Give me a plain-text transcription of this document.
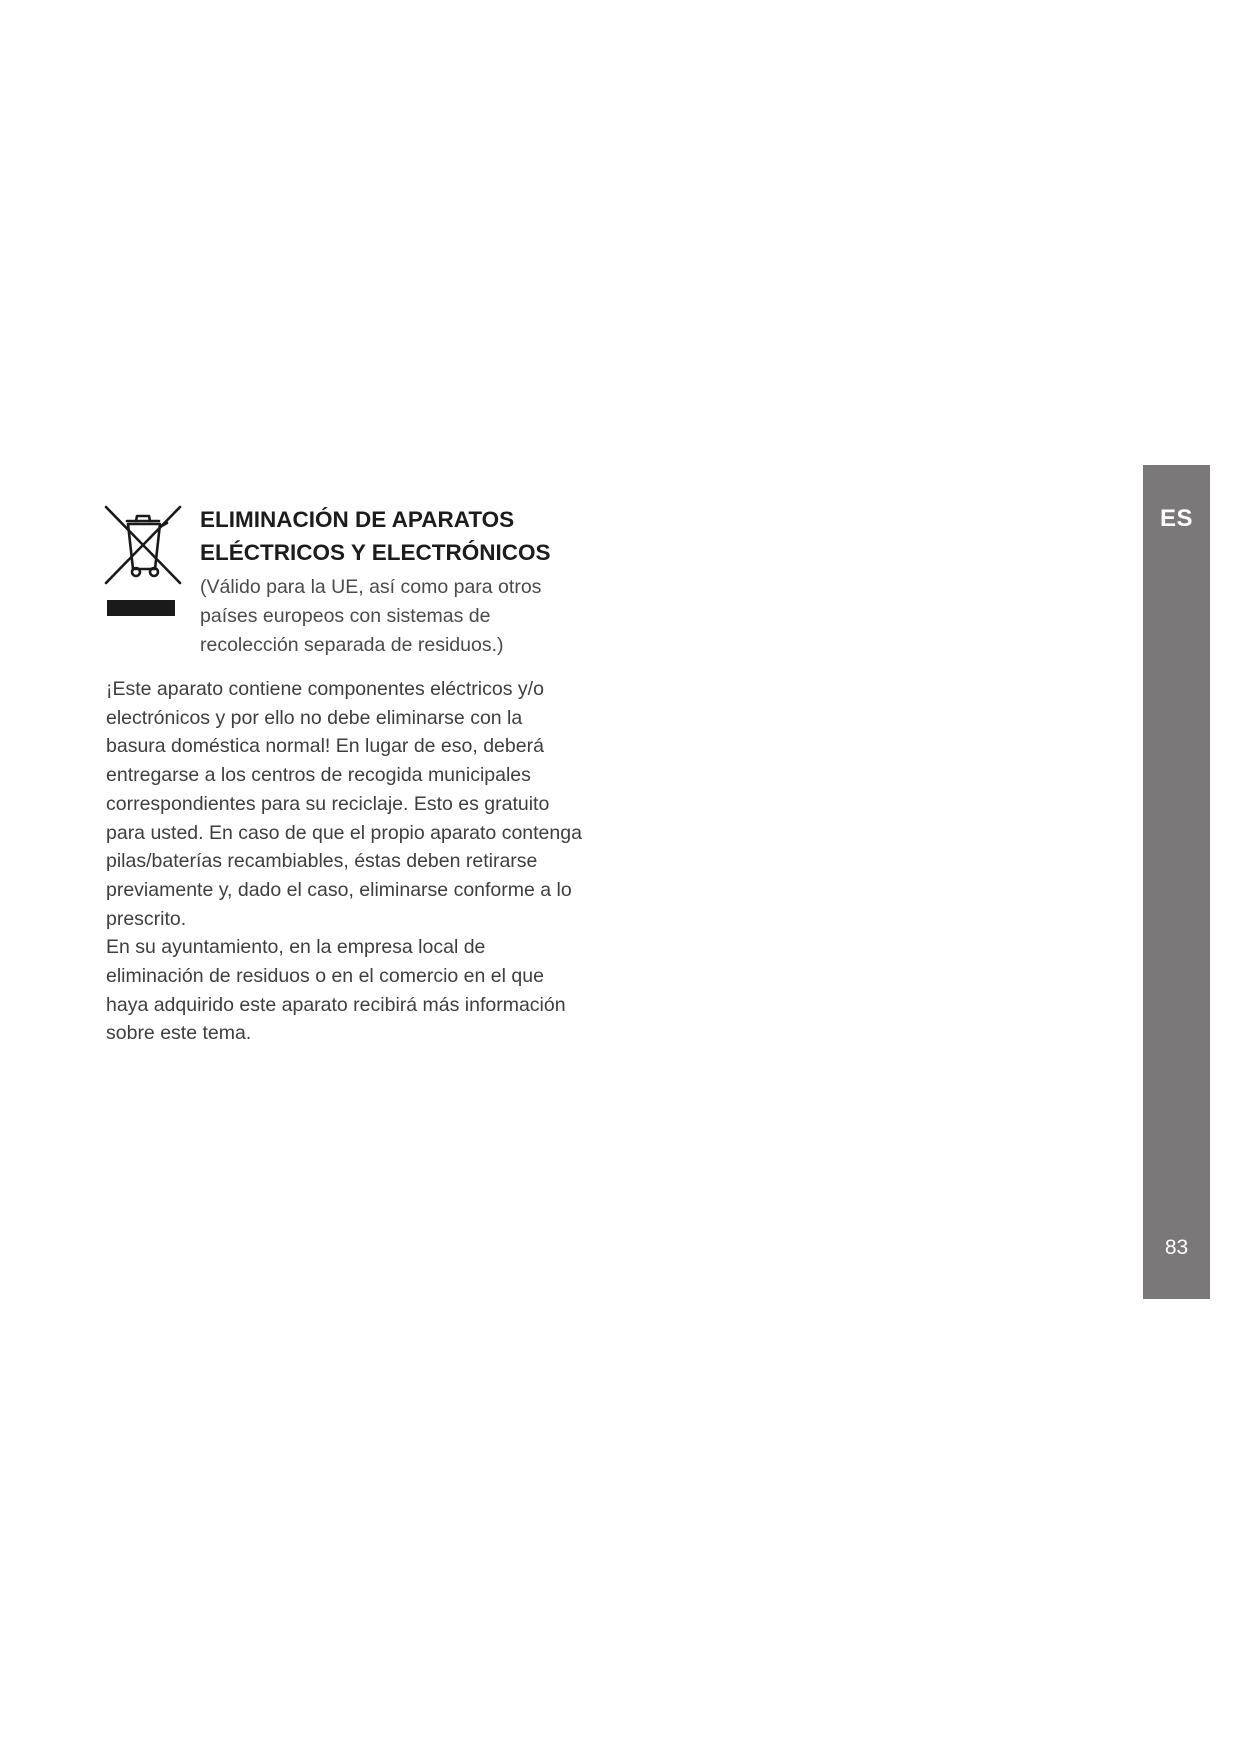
ES
83
ELIMINACIÓN DE APARATOS
ELÉCTRICOS Y ELECTRÓNICOS

(Válido para la UE, así como para otros
países europeos con sistemas de
recolección separada de residuos.)

¡Este aparato contiene componentes eléctricos y/o
electrónicos y por ello no debe eliminarse con la
basura doméstica normal! En lugar de eso, deberá
entregarse a los centros de recogida municipales
correspondientes para su reciclaje. Esto es gratuito
para usted. En caso de que el propio aparato contenga
pilas/baterías recambiables, éstas deben retirarse
previamente y, dado el caso, eliminarse conforme a lo
prescrito.
En su ayuntamiento, en la empresa local de
eliminación de residuos o en el comercio en el que
haya adquirido este aparato recibirá más información
sobre este tema.
